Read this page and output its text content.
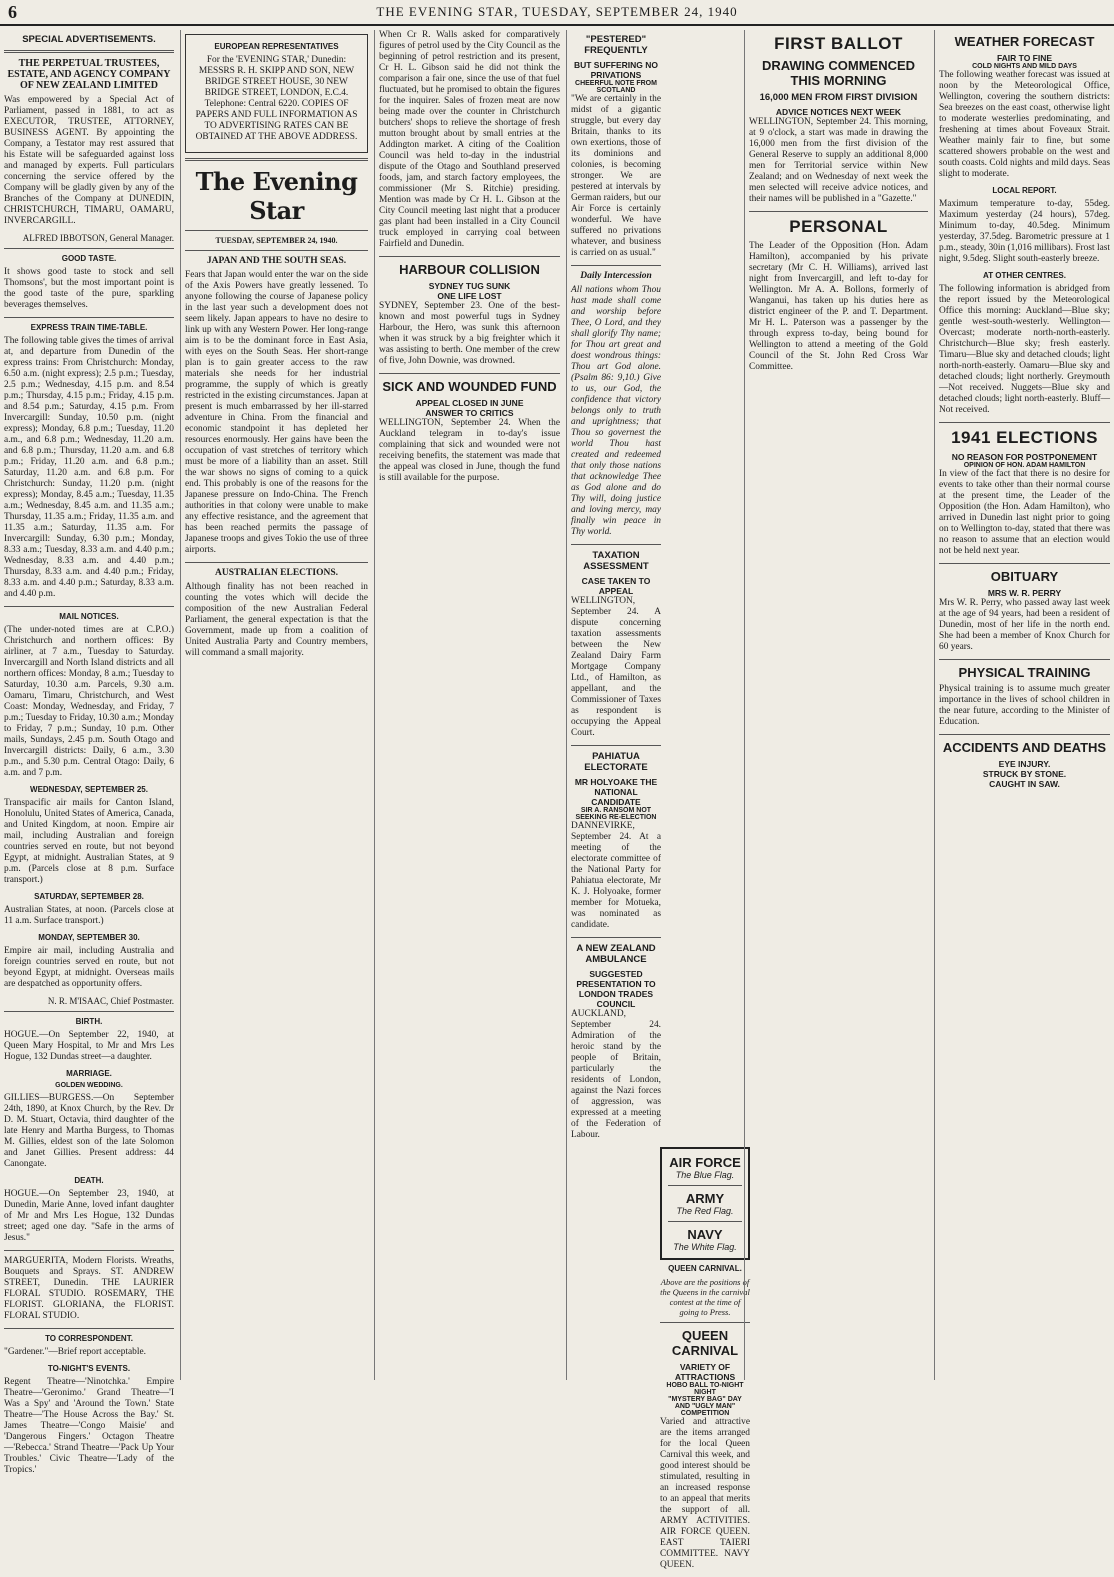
6	THE EVENING STAR, TUESDAY, SEPTEMBER 24, 1940
SPECIAL ADVERTISEMENTS.
THE PERPETUAL TRUSTEES, ESTATE, AND AGENCY COMPANY OF NEW ZEALAND LIMITED

Was empowered by a Special Act of Parliament, passed in 1881, to act as EXECUTOR, TRUSTEE, ATTORNEY, BUSINESS AGENT. By appointing the Company, a Testator may rest assured that his Estate will be safeguarded against loss and managed by experts. Full particulars concerning the service offered by the Company will be gladly given by any of the Branches of the Company at DUNEDIN, CHRISTCHURCH, TIMARU, OAMARU, INVERCARGILL.

ALFRED IBBOTSON, General Manager.
GOOD TASTE.

It shows good taste to stock and sell Thomsons', but the most important point is the good taste of the pure, sparkling beverages themselves.

EXPRESS TRAIN TIME-TABLE.

The following table gives the times of arrival at, and departure from Dunedin of the express trains: From Christchurch: Monday, 6.50 a.m. (night express); 2.5 p.m.; Tuesday, 2.5 p.m.; Wednesday, 4.15 p.m. and 8.54 p.m.; Thursday, 4.15 p.m.; Friday, 4.15 p.m. and 8.54 p.m.; Saturday, 4.15 p.m. From Invercargill: Sunday, 10.50 p.m. (night express); Monday, 6.8 p.m.; Tuesday, 11.20 a.m., and 6.8 p.m.; Wednesday, 11.20 a.m. and 6.8 p.m.; Thursday, 11.20 a.m. and 6.8 p.m.; Friday, 11.20 a.m. and 6.8 p.m.; Saturday, 11.20 a.m. and 6.8 p.m. For Christchurch: Sunday, 11.20 p.m. (night express); Monday, 8.45 a.m.; Tuesday, 11.35 a.m.; Wednesday, 8.45 a.m. and 11.35 a.m.; Thursday, 11.35 a.m.; Friday, 11.35 a.m. and 11.35 a.m.; Saturday, 11.35 a.m. For Invercargill: Sunday, 6.30 p.m.; Monday, 8.33 a.m.; Tuesday, 8.33 a.m. and 4.40 p.m.; Wednesday, 8.33 a.m. and 4.40 p.m.; Thursday, 8.33 a.m. and 4.40 p.m.; Friday, 8.33 a.m. and 4.40 p.m.; Saturday, 8.33 a.m. and 4.40 p.m.

MAIL NOTICES.

(The under-noted times are at C.P.O.) Christchurch and northern offices: By airliner, at 7 a.m., Tuesday to Saturday. Invercargill and North Island districts and all northern offices: Monday, 8 a.m.; Tuesday to Saturday, 10.30 a.m. Parcels, 9.30 a.m. Oamaru, Timaru, Christchurch, and West Coast: Monday, Wednesday, and Friday, 7 p.m.; Tuesday to Friday, 10.30 a.m.; Monday to Friday, 7 p.m.; Sunday, 10 p.m. Other mails, Sundays, 2.45 p.m. South Otago and Invercargill districts: Daily, 6 a.m., 3.30 p.m., and 5.30 p.m. Central Otago: Daily, 6 a.m. and 7 p.m.

WEDNESDAY, SEPTEMBER 25.

Transpacific air mails for Canton Island, Honolulu, United States of America, Canada, and United Kingdom, at noon. Empire air mail, including Australian and foreign countries served en route, but not beyond Egypt, at midnight. Australian States, at 9 p.m. (Parcels close at 8 p.m. Surface transport.)

SATURDAY, SEPTEMBER 28.

Australian States, at noon. (Parcels close at 11 a.m. Surface transport.)

MONDAY, SEPTEMBER 30.

Empire air mail, including Australia and foreign countries served en route, but not beyond Egypt, at midnight. Overseas mails are despatched as opportunity offers.

N. R. M'ISAAC, Chief Postmaster.
BIRTH.

HOGUE.—On September 22, 1940, at Queen Mary Hospital, to Mr and Mrs Les Hogue, 132 Dundas street—a daughter.

MARRIAGE.
GOLDEN WEDDING.

GILLIES—BURGESS.—On September 24th, 1890, at Knox Church, by the Rev. Dr D. M. Stuart, Octavia, third daughter of the late Henry and Martha Burgess, to Thomas M. Gillies, eldest son of the late Solomon and Janet Gillies. Present address: 44 Canongate.

DEATH.

HOGUE.—On September 23, 1940, at Dunedin, Marie Anne, loved infant daughter of Mr and Mrs Les Hogue, 132 Dundas street; aged one day. "Safe in the arms of Jesus."

MARGUERITA, Modern Florists. Wreaths, Bouquets and Sprays. ST. ANDREW STREET, Dunedin. THE LAURIER FLORAL STUDIO. ROSEMARY, THE FLORIST. GLORIANA, the FLORIST. FLORAL STUDIO.

TO CORRESPONDENT.

"Gardener."—Brief report acceptable.

TO-NIGHT'S EVENTS.

Regent Theatre—'Ninotchka.' Empire Theatre—'Geronimo.' Grand Theatre—'I Was a Spy' and 'Around the Town.' State Theatre—'The House Across the Bay.' St. James Theatre—'Congo Maisie' and 'Dangerous Fingers.' Octagon Theatre—'Rebecca.' Strand Theatre—'Pack Up Your Troubles.' Civic Theatre—'Lady of the Tropics.'

EUROPEAN REPRESENTATIVES

For the 'EVENING STAR,' Dunedin: MESSRS R. H. SKIPP AND SON, NEW BRIDGE STREET HOUSE, 30 NEW BRIDGE STREET, LONDON, E.C.4. Telephone: Central 6220. COPIES OF PAPERS AND FULL INFORMATION AS TO ADVERTISING RATES CAN BE OBTAINED AT THE ABOVE ADDRESS.

The Evening Star
TUESDAY, SEPTEMBER 24, 1940.
JAPAN AND THE SOUTH SEAS.

Fears that Japan would enter the war on the side of the Axis Powers have greatly lessened. To anyone following the course of Japanese policy in the last year such a development does not seem likely. Japan appears to have no desire to link up with any Western Power. Her long-range aim is to be the dominant force in East Asia, with eyes on the South Seas. Her short-range plan is to gain greater access to the raw materials she needs for her industrial programme, the supply of which is greatly restricted in the existing circumstances. Japan at present is much embarrassed by her ill-starred adventure in China. From the financial and economic standpoint it has depleted her resources enormously. Her gains have been the occupation of vast stretches of territory which must be more of a liability than an asset. Still the war shows no signs of coming to a quick end. This probably is one of the reasons for the Japanese pressure on Indo-China. The French authorities in that colony were unable to make any effective resistance, and the agreement that has been reached permits the passage of Japanese troops and gives Tokio the use of three airports.

AUSTRALIAN ELECTIONS.

Although finality has not been reached in counting the votes which will decide the composition of the new Australian Federal Parliament, the general expectation is that the Government, made up from a coalition of United Australia Party and Country members, will command a small majority.

When Cr R. Walls asked for comparatively figures of petrol used by the City Council as the beginning of petrol restriction and its present, Cr H. L. Gibson said he did not think the comparison a fair one, since the use of that fuel fluctuated, but he promised to obtain the figures for the inquirer. Sales of frozen meat are now being made over the counter in Christchurch butchers' shops to relieve the shortage of fresh mutton brought about by small entries at the Addington market. A citing of the Coalition Council was held to-day in the industrial dispute of the Otago and Southland preserved foods, jam, and starch factory employees, the commissioner (Mr S. Ritchie) presiding. Mention was made by Cr H. L. Gibson at the City Council meeting last night that a producer gas plant had been installed in a City Council truck employed in carrying coal between Fairfield and Dunedin.

HARBOUR COLLISION
SYDNEY TUG SUNK
ONE LIFE LOST

SYDNEY, September 23. One of the best-known and most powerful tugs in Sydney Harbour, the Hero, was sunk this afternoon when it was struck by a big freighter which it was assisting to berth. One member of the crew of five, John Downie, was drowned.

SICK AND WOUNDED FUND
APPEAL CLOSED IN JUNE
ANSWER TO CRITICS

WELLINGTON, September 24. When the Auckland telegram in to-day's issue complaining that sick and wounded were not receiving benefits, the statement was made that the appeal was closed in June, though the fund is still available for the purpose.

"PESTERED" FREQUENTLY
BUT SUFFERING NO PRIVATIONS
CHEERFUL NOTE FROM SCOTLAND

"We are certainly in the midst of a gigantic struggle, but every day Britain, thanks to its own exertions, those of its dominions and colonies, is becoming stronger. We are pestered at intervals by German raiders, but our Air Force is certainly wonderful. We have suffered no privations whatever, and business is carried on as usual."

Daily Intercession

All nations whom Thou hast made shall come and worship before Thee, O Lord, and they shall glorify Thy name; for Thou art great and doest wondrous things: Thou art God alone. (Psalm 86: 9,10.) Give to us, our God, the confidence that victory belongs only to truth and uprightness; that Thou so governest the world Thou hast created and redeemed that only those nations that acknowledge Thee as God alone and do Thy will, doing justice and loving mercy, may finally win peace in Thy world.

TAXATION ASSESSMENT
CASE TAKEN TO APPEAL

WELLINGTON, September 24. A dispute concerning taxation assessments between the New Zealand Dairy Farm Mortgage Company Ltd., of Hamilton, as appellant, and the Commissioner of Taxes as respondent is occupying the Appeal Court.

PAHIATUA ELECTORATE
MR HOLYOAKE THE NATIONAL CANDIDATE
SIR A. RANSOM NOT SEEKING RE-ELECTION

DANNEVIRKE, September 24. At a meeting of the electorate committee of the National Party for Pahiatua electorate, Mr K. J. Holyoake, former member for Motueka, was nominated as candidate.

A NEW ZEALAND AMBULANCE
SUGGESTED PRESENTATION TO LONDON TRADES COUNCIL

AUCKLAND, September 24. Admiration of the heroic stand by the people of Britain, particularly the residents of London, against the Nazi forces of aggression, was expressed at a meeting of the Federation of Labour.

AIR FORCE
The Blue Flag.
ARMY
The Red Flag.
NAVY
The White Flag.
QUEEN CARNIVAL.
Above are the positions of the Queens in the carnival contest at the time of going to Press.
QUEEN CARNIVAL
VARIETY OF ATTRACTIONS
HOBO BALL TO-NIGHT NIGHT
"MYSTERY BAG" DAY AND "UGLY MAN" COMPETITION

Varied and attractive are the items arranged for the local Queen Carnival this week, and good interest should be stimulated, resulting in an increased response to an appeal that merits the support of all. ARMY ACTIVITIES. AIR FORCE QUEEN. EAST TAIERI COMMITTEE. NAVY QUEEN.

FIRST BALLOT
DRAWING COMMENCED THIS MORNING
16,000 MEN FROM FIRST DIVISION
ADVICE NOTICES NEXT WEEK

WELLINGTON, September 24. This morning, at 9 o'clock, a start was made in drawing the 16,000 men from the first division of the General Reserve to supply an additional 8,000 men for Territorial service within New Zealand; and on Wednesday of next week the men selected will receive advice notices, and their names will be published in a "Gazette."

PERSONAL

The Leader of the Opposition (Hon. Adam Hamilton), accompanied by his private secretary (Mr C. H. Williams), arrived last night from Invercargill, and left to-day for Wellington. Mr A. A. Bollons, formerly of Wanganui, has taken up his duties here as district engineer of the P. and T. Department. Mr H. L. Paterson was a passenger by the through express to-day, being bound for Wellington to attend a meeting of the Gold Council of the St. John Red Cross War Committee.

WEATHER FORECAST
FAIR TO FINE
COLD NIGHTS AND MILD DAYS

The following weather forecast was issued at noon by the Meteorological Office, Wellington, covering the southern districts: Sea breezes on the east coast, otherwise light to moderate westerlies predominating, and freshening at times about Foveaux Strait. Weather mainly fair to fine, but some scattered showers probable on the west and south coasts. Cold nights and mild days. Seas slight to moderate.

LOCAL REPORT.

Maximum temperature to-day, 55deg. Maximum yesterday (24 hours), 57deg. Minimum to-day, 40.5deg. Minimum yesterday, 37.5deg. Barometric pressure at 1 p.m., steady, 30in (1,016 millibars). Frost last night, 9.5deg. Slight south-easterly breeze.

AT OTHER CENTRES.

The following information is abridged from the report issued by the Meteorological Office this morning: Auckland—Blue sky; gentle west-south-westerly. Wellington—Overcast; moderate north-north-easterly. Christchurch—Blue sky; fresh easterly. Timaru—Blue sky and detached clouds; light north-north-easterly. Oamaru—Blue sky and detached clouds; light northerly. Greymouth—Not received. Nuggets—Blue sky and detached clouds; light north-easterly. Bluff—Not received.

1941 ELECTIONS
NO REASON FOR POSTPONEMENT
OPINION OF HON. ADAM HAMILTON

In view of the fact that there is no desire for events to take other than their normal course at the present time, the Leader of the Opposition (the Hon. Adam Hamilton), who arrived in Dunedin last night prior to going on to Wellington to-day, stated that there was no reason to assume that an election would not be held next year.

OBITUARY
MRS W. R. PERRY

Mrs W. R. Perry, who passed away last week at the age of 94 years, had been a resident of Dunedin, most of her life in the north end. She had been a member of Knox Church for 60 years.

PHYSICAL TRAINING

Physical training is to assume much greater importance in the lives of school children in the near future, according to the Minister of Education.

ACCIDENTS AND DEATHS
EYE INJURY.
STRUCK BY STONE.
CAUGHT IN SAW.
